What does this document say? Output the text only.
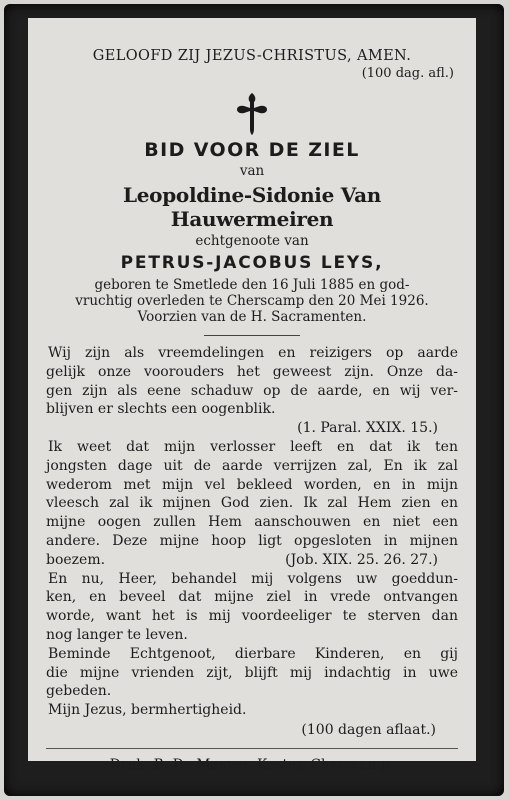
GELOOFD ZIJ JEZUS-CHRISTUS, AMEN.
(100 dag. afl.)
BID VOOR DE ZIEL
van
Leopoldine-Sidonie Van Hauwermeiren
echtgenoote van
PETRUS-JACOBUS LEYS,
geboren te Smetlede den 16 Juli 1885 en god-
vruchtig overleden te Cherscamp den 20 Mei 1926.
Voorzien van de H. Sacramenten.
Wij zijn als vreemdelingen en reizigers op aarde
gelijk onze voorouders het geweest zijn. Onze da-
gen zijn als eene schaduw op de aarde, en wij ver-
blijven er slechts een oogenblik.
(1. Paral. XXIX. 15.)
Ik weet dat mijn verlosser leeft en dat ik ten
jongsten dage uit de aarde verrijzen zal, En ik zal
wederom met mijn vel bekleed worden, en in mijn
vleesch zal ik mijnen God zien. Ik zal Hem zien en
mijne oogen zullen Hem aanschouwen en niet een
andere. Deze mijne hoop ligt opgesloten in mijnen
boezem.	(Job. XIX. 25. 26. 27.)
En nu, Heer, behandel mij volgens uw goeddun-
ken, en beveel dat mijne ziel in vrede ontvangen
worde, want het is mij voordeeliger te sterven dan
nog langer te leven.
Beminde Echtgenoot, dierbare Kinderen, en gij
die mijne vrienden zijt, blijft mij indachtig in uwe
gebeden.
Mijn Jezus, bermhertigheid.
(100 dagen aflaat.)
Druk. B. De Maeyer, Koster, Cherscamp.
